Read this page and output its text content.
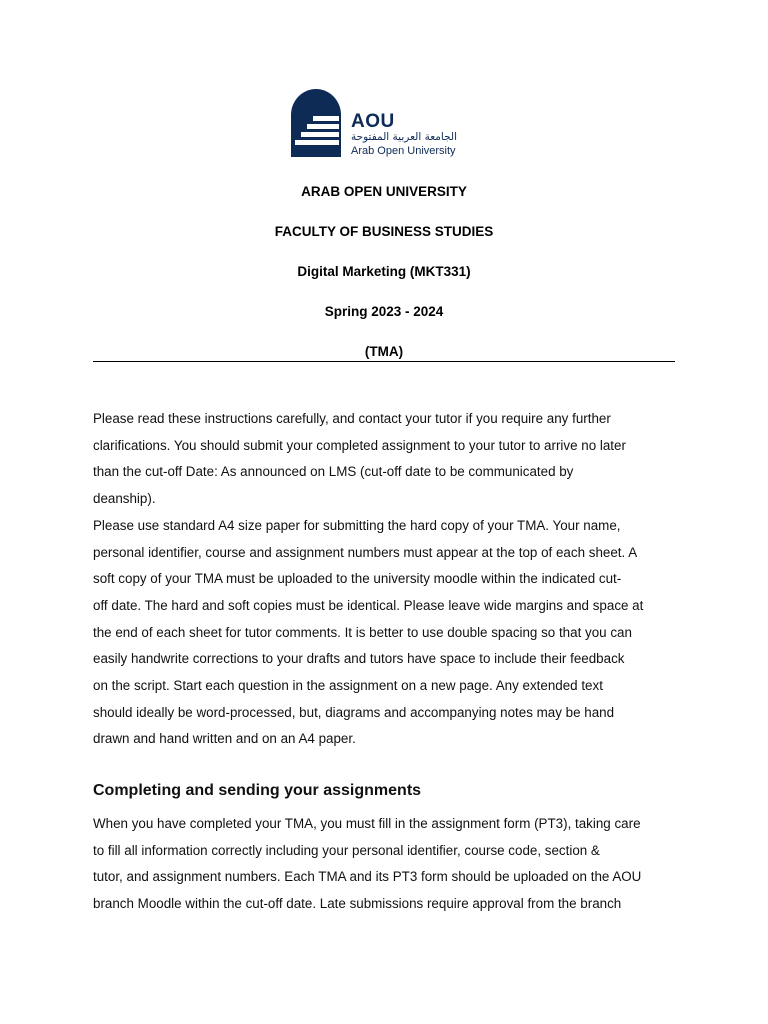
AOU
الجامعة العربية المفتوحة
Arab Open University
ARAB OPEN UNIVERSITY
FACULTY OF BUSINESS STUDIES
Digital Marketing (MKT331)
Spring 2023 - 2024
(TMA)
Please read these instructions carefully, and contact your tutor if you require any further
clarifications. You should submit your completed assignment to your tutor to arrive no later
than the cut-off Date: As announced on LMS (cut-off date to be communicated by
deanship).
Please use standard A4 size paper for submitting the hard copy of your TMA. Your name,
personal identifier, course and assignment numbers must appear at the top of each sheet. A
soft copy of your TMA must be uploaded to the university moodle within the indicated cut-
off date. The hard and soft copies must be identical. Please leave wide margins and space at
the end of each sheet for tutor comments. It is better to use double spacing so that you can
easily handwrite corrections to your drafts and tutors have space to include their feedback
on the script. Start each question in the assignment on a new page. Any extended text
should ideally be word-processed, but, diagrams and accompanying notes may be hand
drawn and hand written and on an A4 paper.
Completing and sending your assignments
When you have completed your TMA, you must fill in the assignment form (PT3), taking care
to fill all information correctly including your personal identifier, course code, section &
tutor, and assignment numbers. Each TMA and its PT3 form should be uploaded on the AOU
branch Moodle within the cut-off date. Late submissions require approval from the branch
